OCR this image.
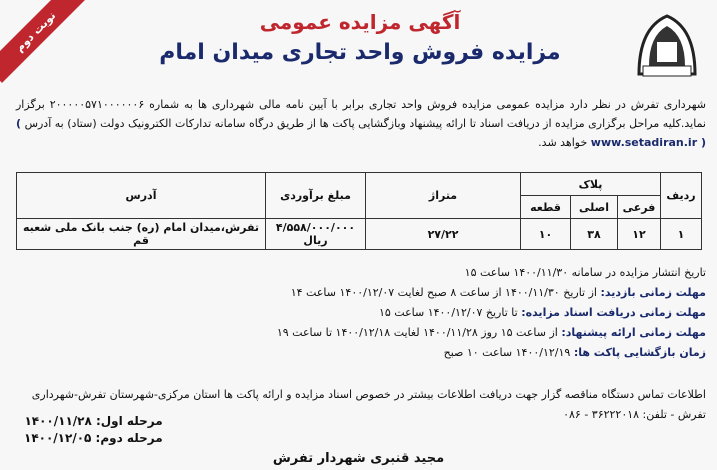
نوبت دوم	آگهی مزایده عمومی
مزایده فروش واحد تجاری میدان امام
شهرداری تفرش در نظر دارد مزایده عمومی مزایده فروش واحد تجاری برابر با آیین نامه مالی شهرداری ها به شماره ۲۰۰۰۰۰۵۷۱۰۰۰۰۰۰۶ برگزار نماید.کلیه مراحل برگزاری مزایده از دریافت اسناد تا ارائه پیشنهاد وبازگشایی پاکت ها از طریق درگاه سامانه تدارکات الکترونیک دولت (ستاد) به آدرس ( www.setadiran.ir ) خواهد شد.
ردیف	پلاک			متراژ	مبلغ برآوردی	آدرس
	فرعی	اصلی	قطعه			
۱	۱۲	۳۸	۱۰	۲۷/۲۲	۴/۵۵۸/۰۰۰/۰۰۰ ریال	تفرش،میدان امام (ره) جنب بانک ملی شعبه قم
تاریخ انتشار مزایده در سامانه ۱۴۰۰/۱۱/۳۰ ساعت ۱۵
مهلت زمانی بازدید: از تاریخ ۱۴۰۰/۱۱/۳۰ از ساعت ۸ صبح لغایت ۱۴۰۰/۱۲/۰۷ ساعت ۱۴
مهلت زمانی دریافت اسناد مزایده: تا تاریخ ۱۴۰۰/۱۲/۰۷ ساعت ۱۵
مهلت زمانی ارائه پیشنهاد: از ساعت ۱۵ روز ۱۴۰۰/۱۱/۲۸ لغایت ۱۴۰۰/۱۲/۱۸ تا ساعت ۱۹
زمان بازگشایی پاکت ها: ۱۴۰۰/۱۲/۱۹ ساعت ۱۰ صبح
اطلاعات تماس دستگاه مناقصه گزار جهت دریافت اطلاعات بیشتر در خصوص اسناد مزایده و ارائه پاکت ها استان مرکزی-شهرستان تفرش-شهرداری تفرش - تلفن: ۳۶۲۲۲۰۱۸ - ۰۸۶
مرحله اول: ۱۴۰۰/۱۱/۲۸
مرحله دوم: ۱۴۰۰/۱۲/۰۵
مجید قنبری شهردار تفرش
